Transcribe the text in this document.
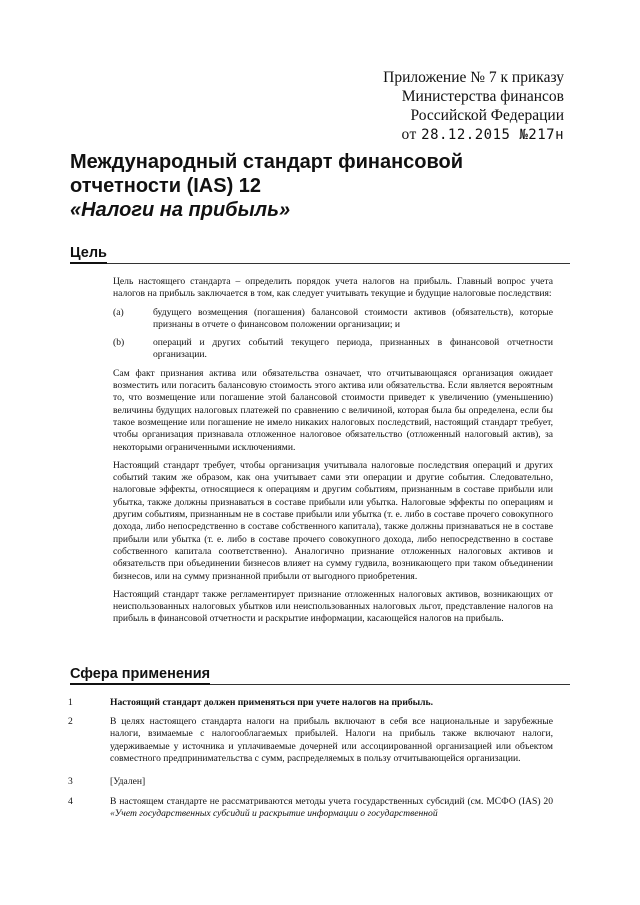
Приложение № 7 к приказу
Министерства финансов
Российской Федерации
от 28.12.2015 №217н
Международный стандарт финансовой
отчетности (IAS) 12
«Налоги на прибыль»
Цель

Цель настоящего стандарта – определить порядок учета налогов на прибыль. Главный вопрос учета налогов на прибыль заключается в том, как следует учитывать текущие и будущие налоговые последствия:

(a)	будущего возмещения (погашения) балансовой стоимости активов (обязательств), которые признаны в отчете о финансовом положении организации; и
(b)	операций и других событий текущего периода, признанных в финансовой отчетности организации.

Сам факт признания актива или обязательства означает, что отчитывающаяся организация ожидает возместить или погасить балансовую стоимость этого актива или обязательства. Если является вероятным то, что возмещение или погашение этой балансовой стоимости приведет к увеличению (уменьшению) величины будущих налоговых платежей по сравнению с величиной, которая была бы определена, если бы такое возмещение или погашение не имело никаких налоговых последствий, настоящий стандарт требует, чтобы организация признавала отложенное налоговое обязательство (отложенный налоговый актив), за некоторыми ограниченными исключениями.

Настоящий стандарт требует, чтобы организация учитывала налоговые последствия операций и других событий таким же образом, как она учитывает сами эти операции и другие события. Следовательно, налоговые эффекты, относящиеся к операциям и другим событиям, признанным в составе прибыли или убытка, также должны признаваться в составе прибыли или убытка. Налоговые эффекты по операциям и другим событиям, признанным не в составе прибыли или убытка (т. е. либо в составе прочего совокупного дохода, либо непосредственно в составе собственного капитала), также должны признаваться не в составе прибыли или убытка (т. е. либо в составе прочего совокупного дохода, либо непосредственно в составе собственного капитала соответственно). Аналогично признание отложенных налоговых активов и обязательств при объединении бизнесов влияет на сумму гудвила, возникающего при таком объединении бизнесов, или на сумму признанной прибыли от выгодного приобретения.

Настоящий стандарт также регламентирует признание отложенных налоговых активов, возникающих от неиспользованных налоговых убытков или неиспользованных налоговых льгот, представление налогов на прибыль в финансовой отчетности и раскрытие информации, касающейся налогов на прибыль.

Сфера применения
1	Настоящий стандарт должен применяться при учете налогов на прибыль.
2	В целях настоящего стандарта налоги на прибыль включают в себя все национальные и зарубежные налоги, взимаемые с налогооблагаемых прибылей. Налоги на прибыль также включают налоги, удерживаемые у источника и уплачиваемые дочерней или ассоциированной организацией или объектом совместного предпринимательства с сумм, распределяемых в пользу отчитывающейся организации.
3	[Удален]
4	В настоящем стандарте не рассматриваются методы учета государственных субсидий (см. МСФО (IAS) 20 «Учет государственных субсидий и раскрытие информации о государственной
